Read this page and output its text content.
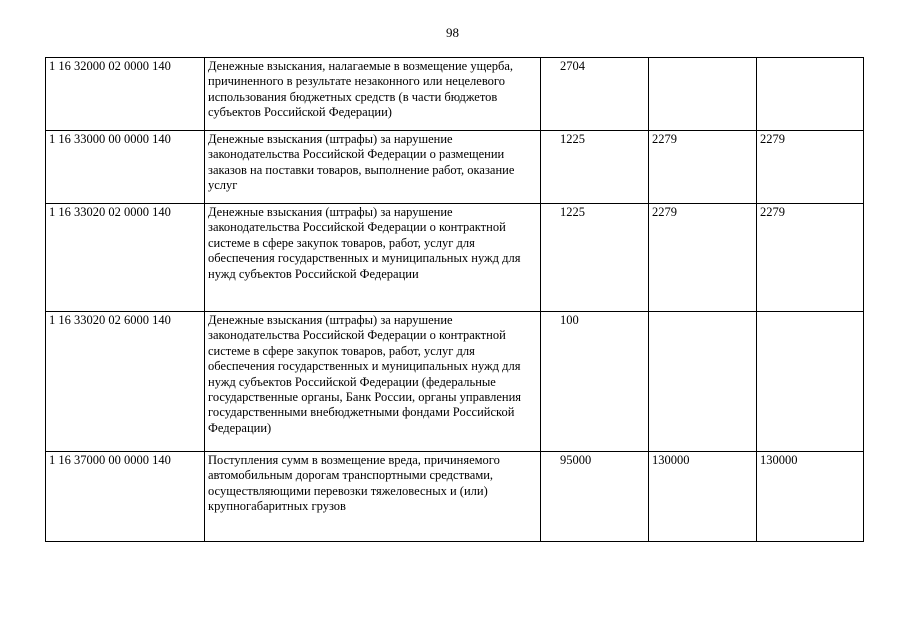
98
1 16 32000 02 0000 140	Денежные взыскания, налагаемые в возмещение ущерба, причиненного в результате незаконного или нецелевого использования бюджетных средств (в части бюджетов субъектов Российской Федерации)	2704		
1 16 33000 00 0000 140	Денежные взыскания (штрафы) за нарушение законодательства Российской Федерации о размещении заказов на поставки товаров, выполнение работ, оказание услуг	1225	2279	2279
1 16 33020 02 0000 140	Денежные взыскания (штрафы) за нарушение законодательства Российской Федерации о контрактной системе в сфере закупок товаров, работ, услуг для обеспечения государственных и муниципальных нужд для нужд субъектов Российской Федерации	1225	2279	2279
1 16 33020 02 6000 140	Денежные взыскания (штрафы) за нарушение законодательства Российской Федерации о контрактной системе в сфере закупок товаров, работ, услуг для обеспечения государственных и муниципальных нужд для нужд субъектов Российской Федерации (федеральные государственные органы, Банк России, органы управления государственными внебюджетными фондами Российской Федерации)	100		
1 16 37000 00 0000 140	Поступления сумм в возмещение вреда, причиняемого автомобильным дорогам транспортными средствами, осуществляющими перевозки тяжеловесных и (или) крупногабаритных грузов	95000	130000	130000
